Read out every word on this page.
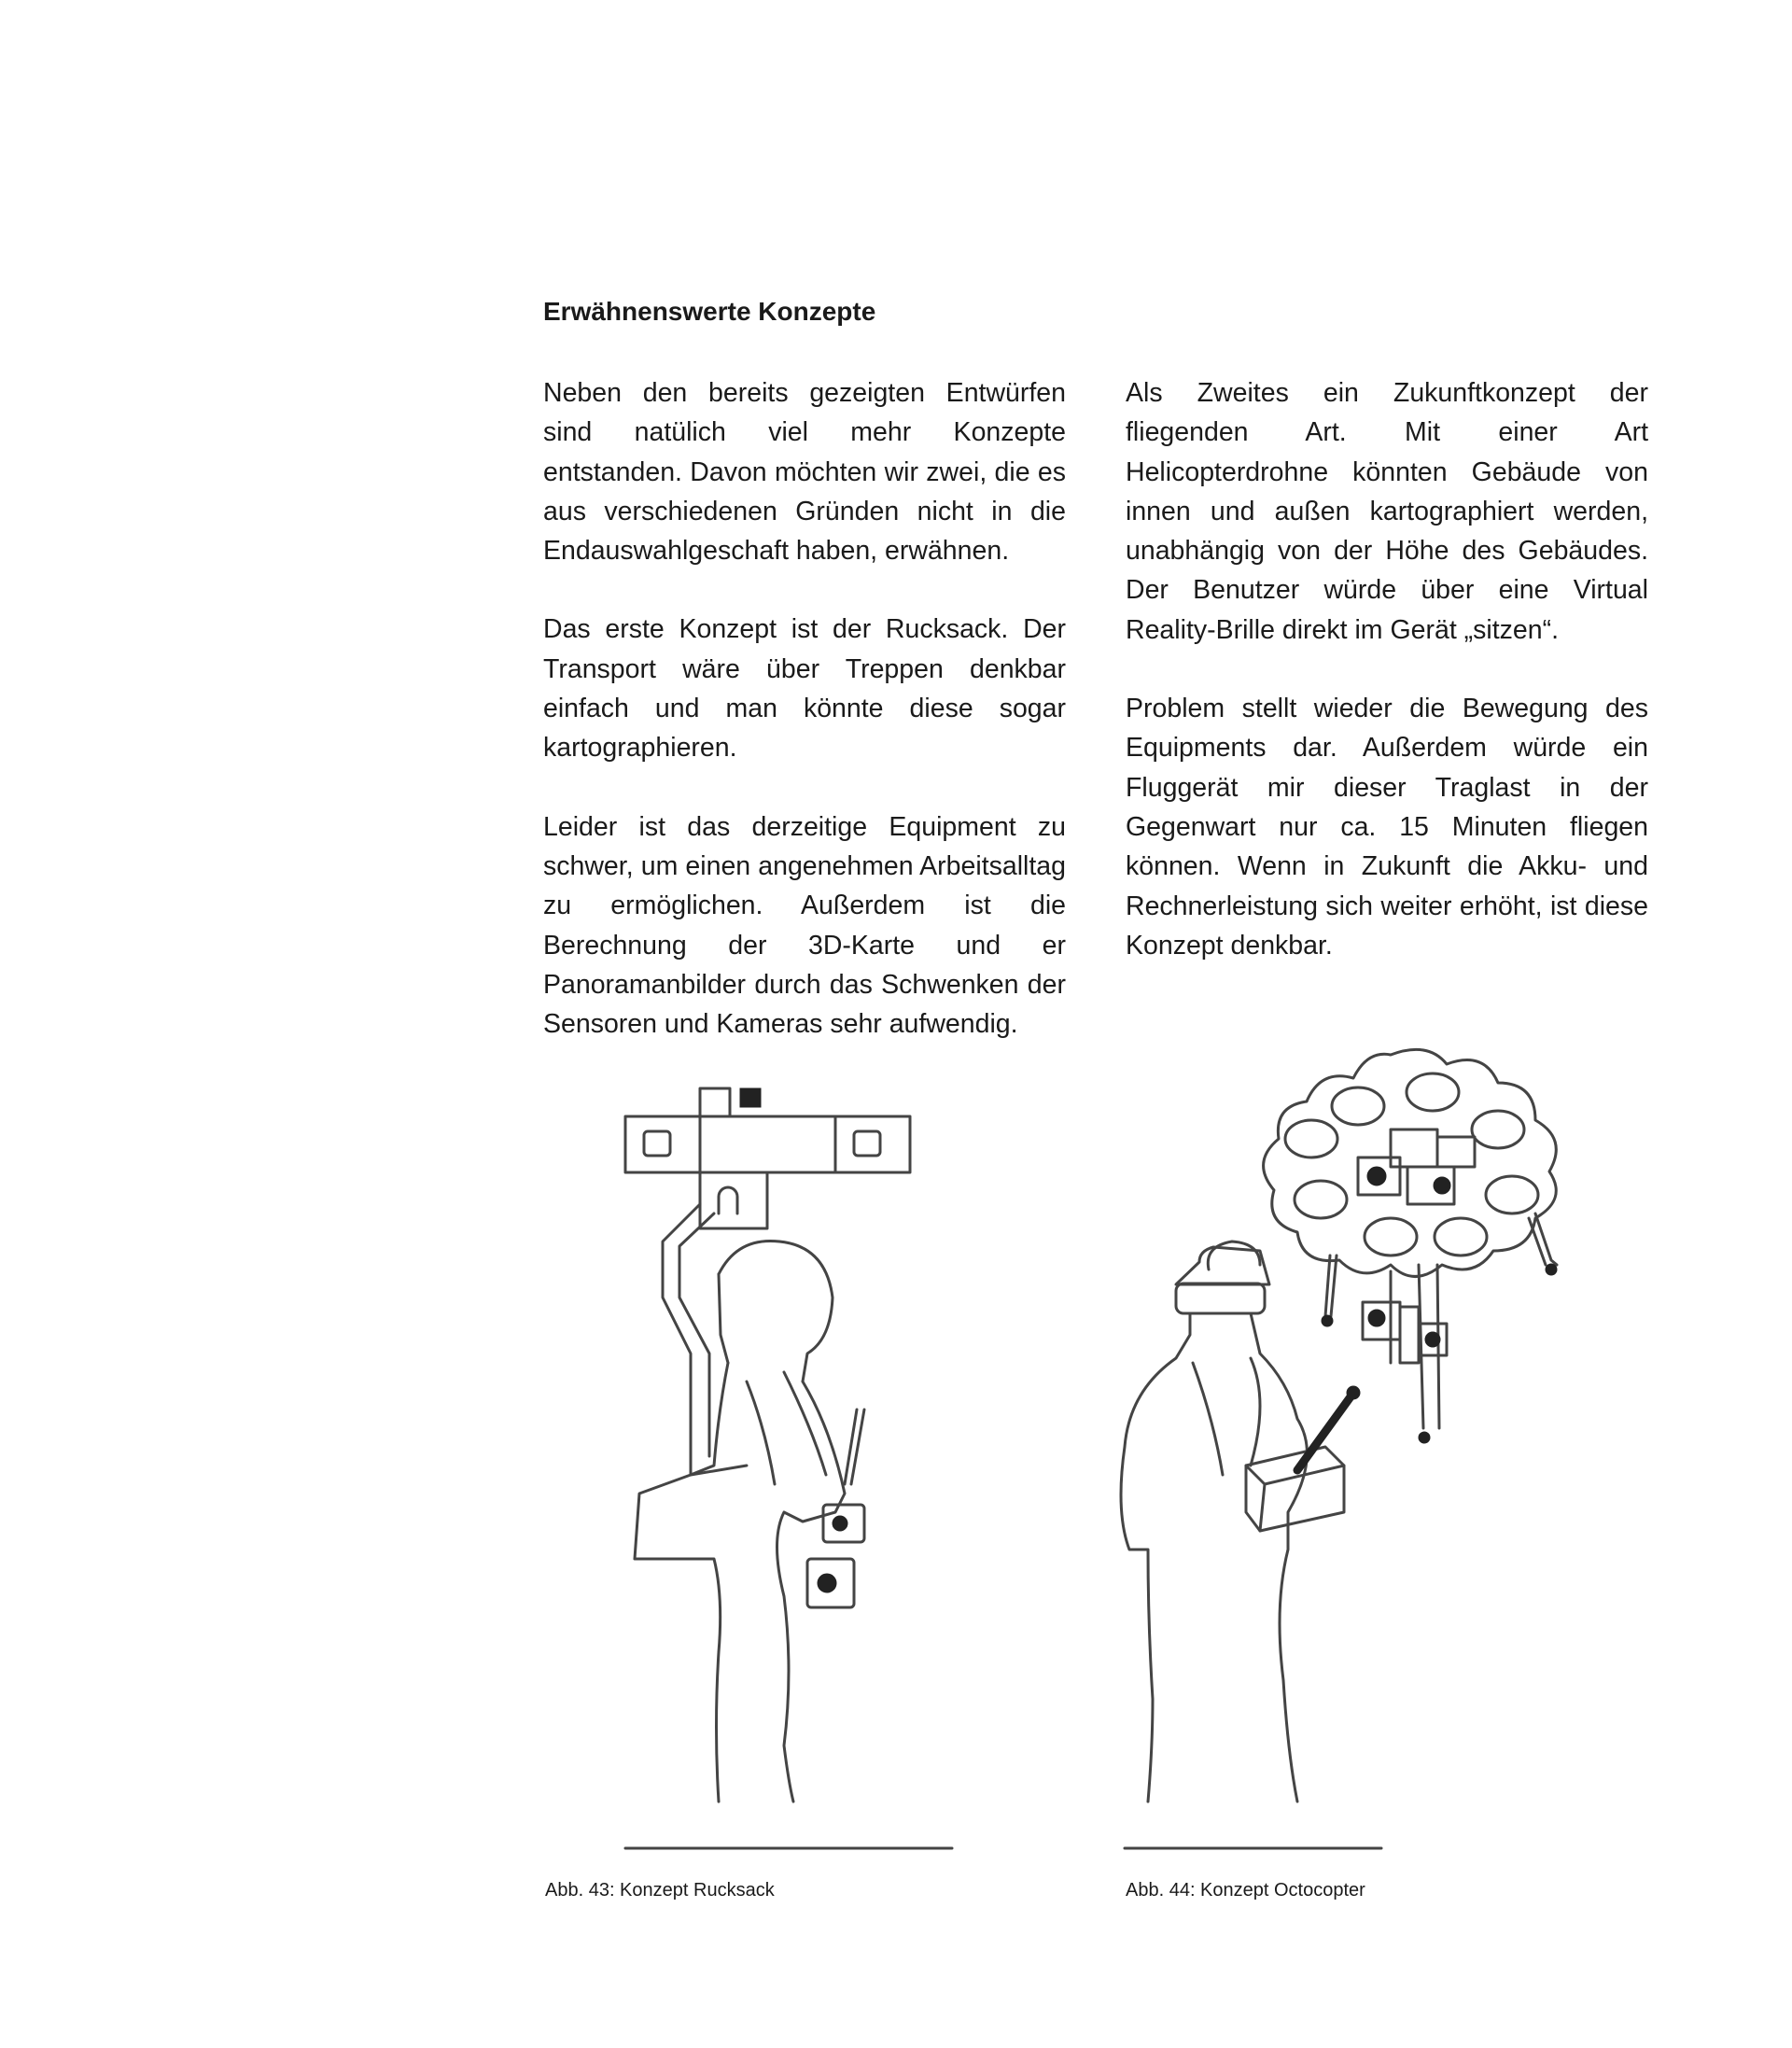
Erwähnenswerte Konzepte

Neben den bereits gezeigten Entwürfen sind natülich viel mehr Konzepte entstanden. Davon möchten wir zwei, die es aus verschiedenen Gründen nicht in die Endauswahlgeschaft haben, erwähnen.

Das erste Konzept ist der Rucksack. Der Transport wäre über Treppen denkbar einfach und man könnte diese sogar kartographieren.

Leider ist das derzeitige Equipment zu schwer, um einen angenehmen Arbeitsalltag zu ermöglichen. Außerdem ist die Berechnung der 3D-Karte und er Panoramanbilder durch das Schwenken der Sensoren und Kameras sehr aufwendig.

Als Zweites ein Zukunftkonzept der fliegenden Art. Mit einer Art Helicopterdrohne könnten Gebäude von innen und außen kartographiert werden, unabhängig von der Höhe des Gebäudes. Der Benutzer würde über eine Virtual Reality-Brille direkt im Gerät „sitzen“.

Problem stellt wieder die Bewegung des Equipments dar. Außerdem würde ein Fluggerät mir dieser Traglast in der Gegenwart nur ca. 15 Minuten fliegen können. Wenn in Zukunft die Akku- und Rechnerleistung sich weiter erhöht, ist diese Konzept denkbar.

Abb. 43: Konzept Rucksack	Abb. 44: Konzept Octocopter
